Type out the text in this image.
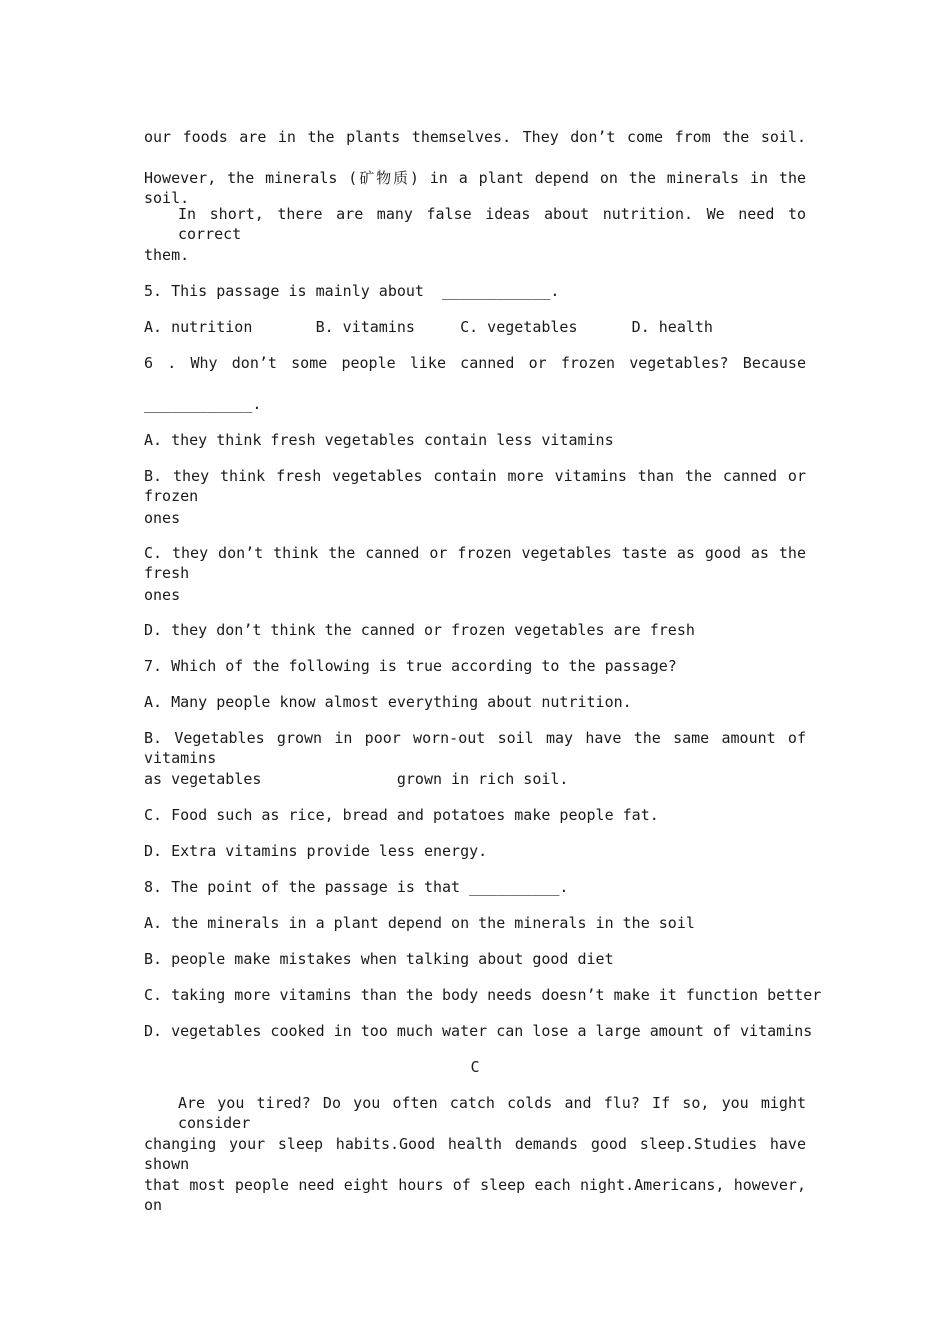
our foods are in the plants themselves. They don’t come from the soil.
However, the minerals (矿物质) in a plant depend on the minerals in the soil.
In short, there are many false ideas about nutrition. We need to correct
them.
5. This passage is mainly about  ____________.
A. nutrition       B. vitamins     C. vegetables      D. health
6 . Why don’t some people like canned or frozen vegetables? Because
____________.
A. they think fresh vegetables contain less vitamins
B. they think fresh vegetables contain more vitamins than the canned or frozen
ones
C. they don’t think the canned or frozen vegetables taste as good as the fresh
ones
D. they don’t think the canned or frozen vegetables are fresh
7. Which of the following is true according to the passage?
A. Many people know almost everything about nutrition.
B. Vegetables grown in poor worn-out soil may have the same amount of vitamins
as vegetables               grown in rich soil.
C. Food such as rice, bread and potatoes make people fat.
D. Extra vitamins provide less energy.
8. The point of the passage is that __________.
A. the minerals in a plant depend on the minerals in the soil
B. people make mistakes when talking about good diet
C. taking more vitamins than the body needs doesn’t make it function better
D. vegetables cooked in too much water can lose a large amount of vitamins
C
Are you tired? Do you often catch colds and flu? If so, you might consider
changing your sleep habits.Good health demands good sleep.Studies have shown
that most people need eight hours of sleep each night.Americans, however, on
